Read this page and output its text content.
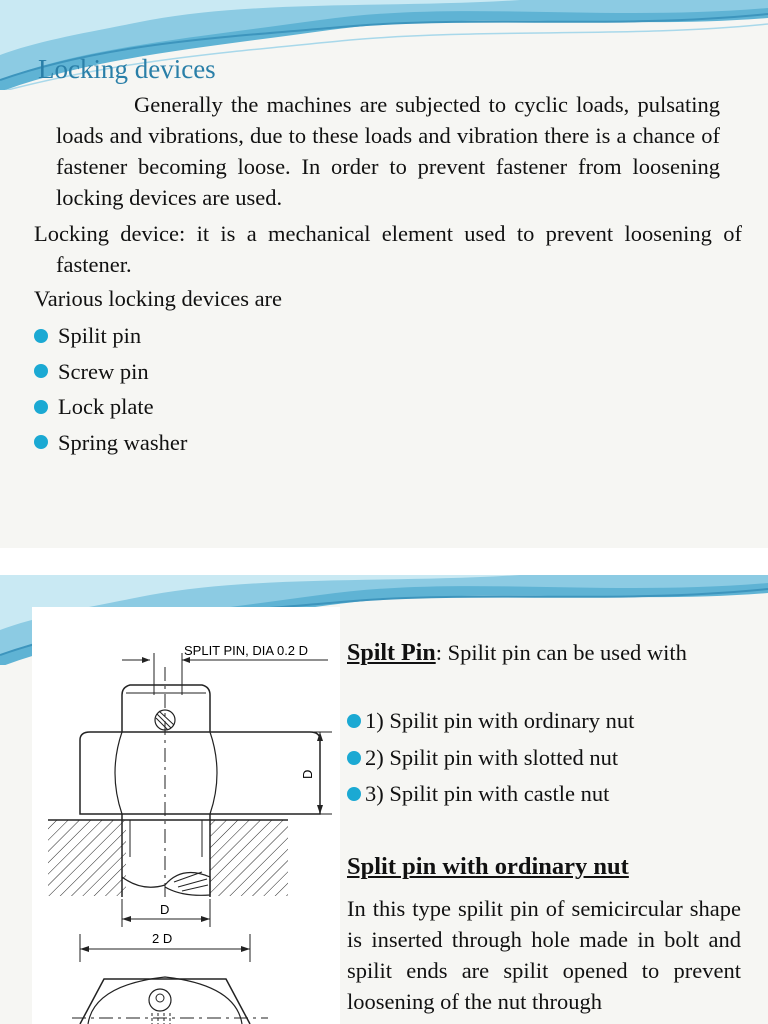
Locking devices

Generally the machines are subjected to cyclic loads, pulsating loads and vibrations, due to these loads and vibration there is a chance of fastener becoming loose. In order to prevent fastener from loosening locking devices are used.

Locking device: it is a mechanical element used to prevent loosening of fastener.

Various locking devices are

Spilit pin
Screw pin
Lock plate
Spring washer
SPLIT PIN, DIA 0.2 D
D
D
2 D
Spilt Pin: Spilit pin can be used with
1) Spilit pin with ordinary nut
2) Spilit pin with slotted nut
3) Spilit pin with castle nut
Split pin with ordinary nut

In this type spilit pin of semicircular shape is inserted through hole made in bolt and spilit ends are spilit opened to prevent loosening of the nut through
